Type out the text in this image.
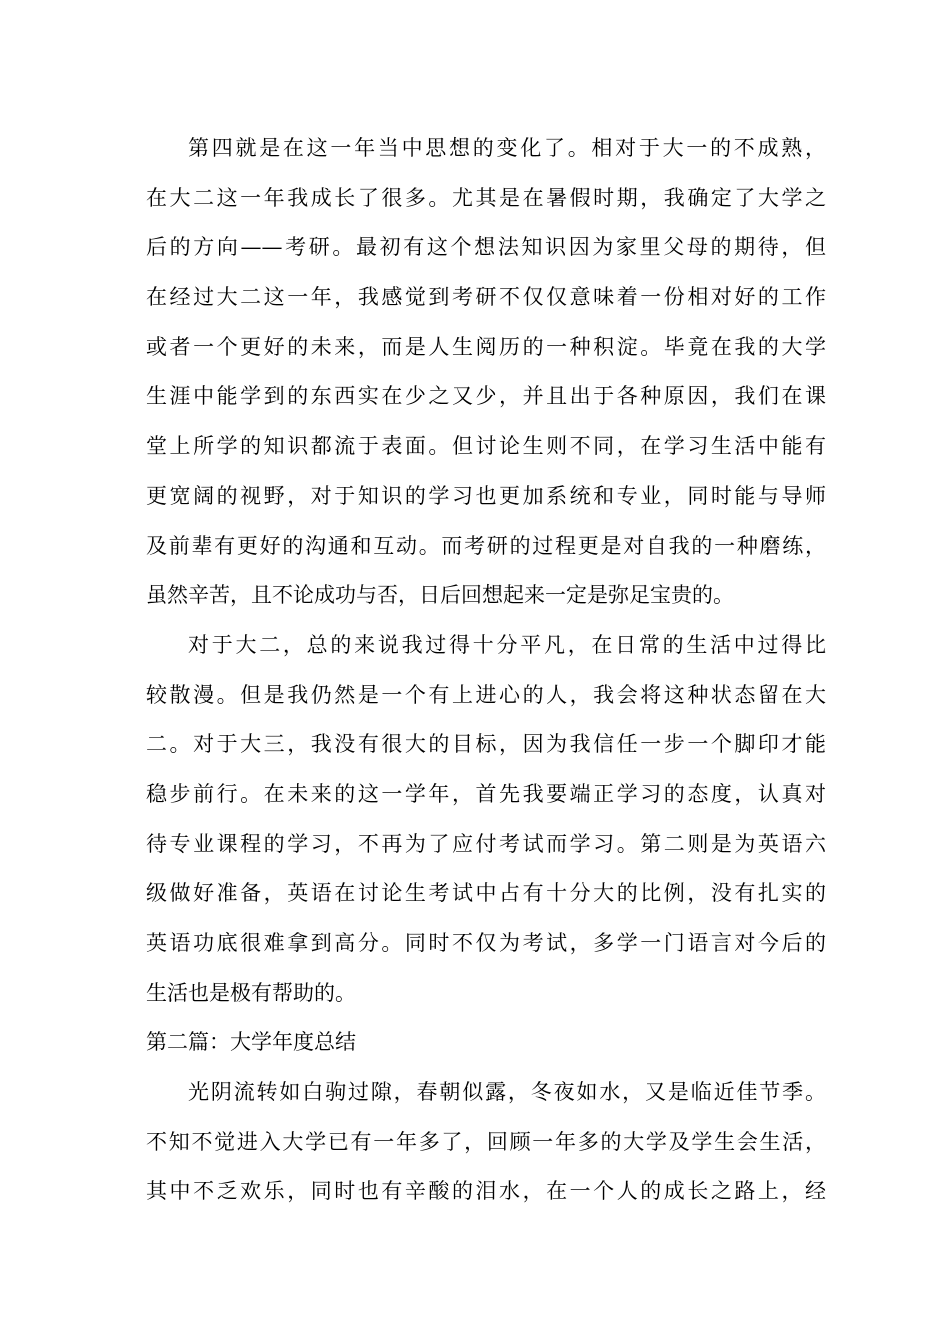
第四就是在这一年当中思想的变化了。相对于大一的不成熟，
在大二这一年我成长了很多。尤其是在暑假时期，我确定了大学之
后的方向——考研。最初有这个想法知识因为家里父母的期待，但
在经过大二这一年，我感觉到考研不仅仅意味着一份相对好的工作
或者一个更好的未来，而是人生阅历的一种积淀。毕竟在我的大学
生涯中能学到的东西实在少之又少，并且出于各种原因，我们在课
堂上所学的知识都流于表面。但讨论生则不同，在学习生活中能有
更宽阔的视野，对于知识的学习也更加系统和专业，同时能与导师
及前辈有更好的沟通和互动。而考研的过程更是对自我的一种磨练，
虽然辛苦，且不论成功与否，日后回想起来一定是弥足宝贵的。
对于大二，总的来说我过得十分平凡，在日常的生活中过得比
较散漫。但是我仍然是一个有上进心的人，我会将这种状态留在大
二。对于大三，我没有很大的目标，因为我信任一步一个脚印才能
稳步前行。在未来的这一学年，首先我要端正学习的态度，认真对
待专业课程的学习，不再为了应付考试而学习。第二则是为英语六
级做好准备，英语在讨论生考试中占有十分大的比例，没有扎实的
英语功底很难拿到高分。同时不仅为考试，多学一门语言对今后的
生活也是极有帮助的。
第二篇：大学年度总结
光阴流转如白驹过隙，春朝似露，冬夜如水，又是临近佳节季。
不知不觉进入大学已有一年多了，回顾一年多的大学及学生会生活，
其中不乏欢乐，同时也有辛酸的泪水，在一个人的成长之路上，经
